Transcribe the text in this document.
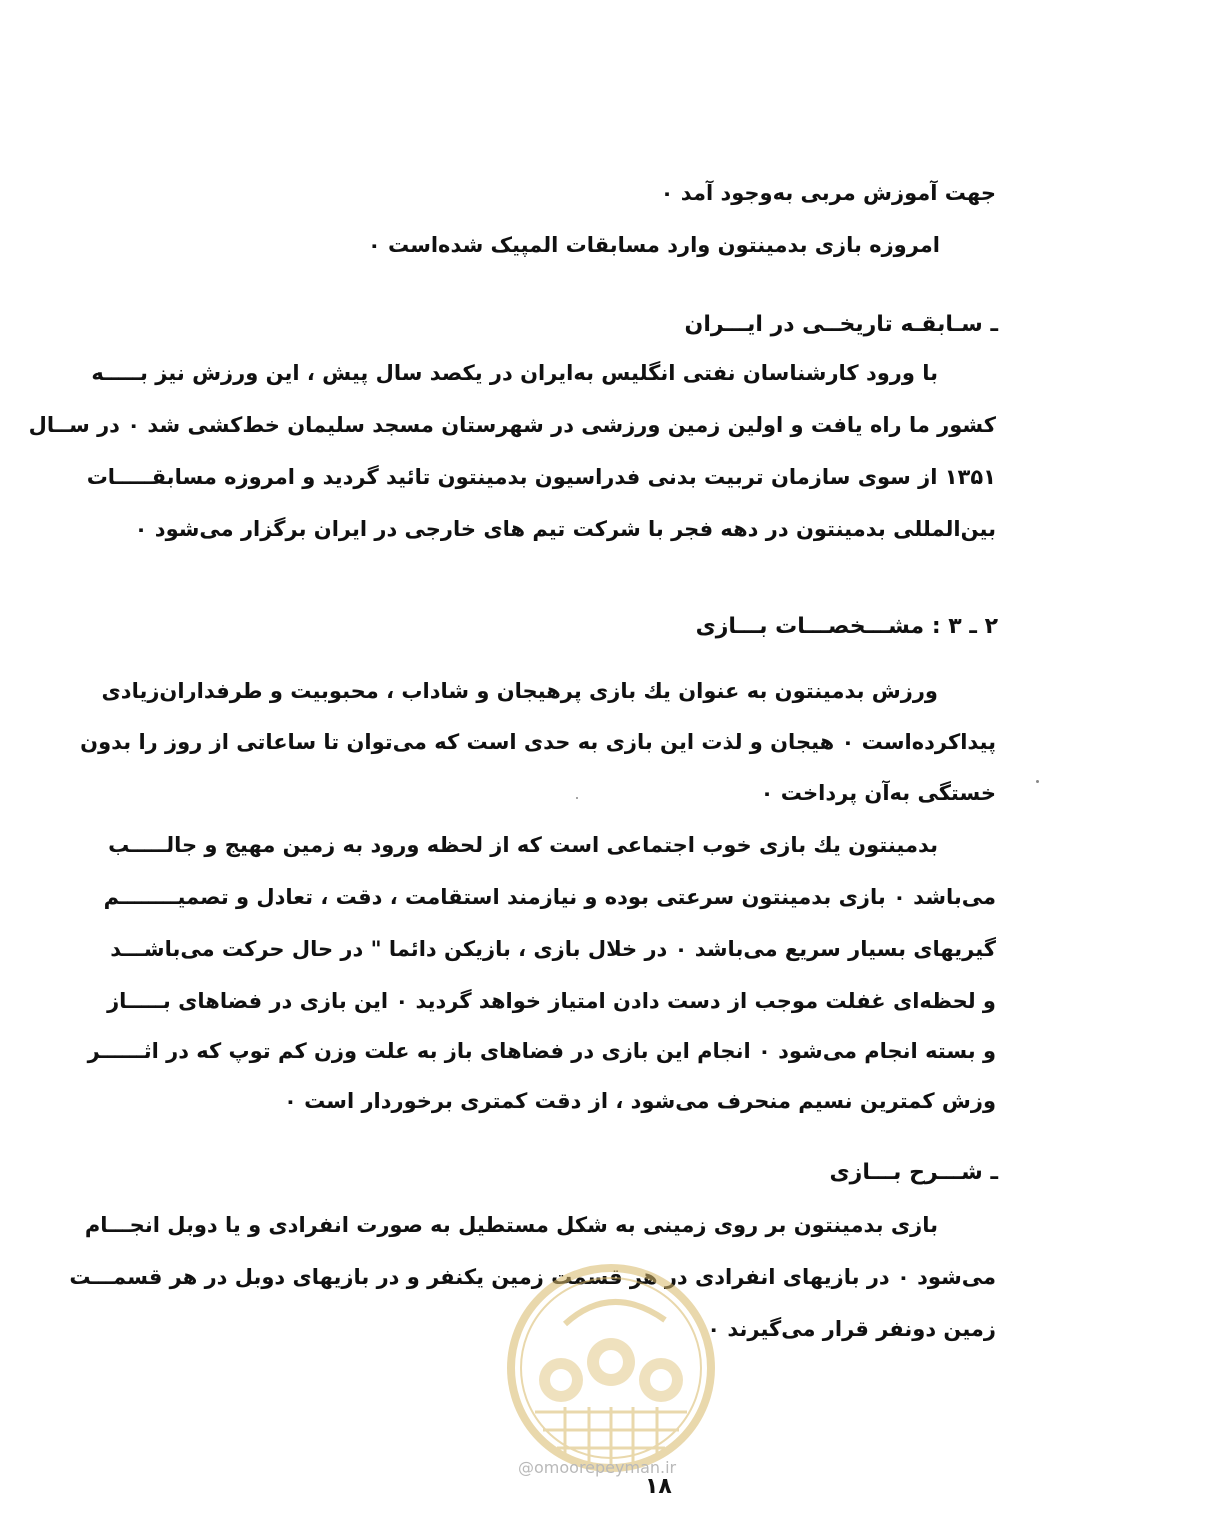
جهت آموزش مربی به‌وجود آمد ۰
امروزه بازی بدمینتون وارد مسابقات المپیک شده‌است ۰
ـ سـابقـه تاریخــی در ایـــران
با ورود کارشناسان نفتی انگلیس به‌ایران در یکصد سال پیش ، این ورزش نیز بـــــه
کشور ما راه یافت و اولین زمین ورزشی در شهرستان مسجد سلیمان خط‌کشی شد ۰ در ســال
۱۳۵۱ از سوی سازمان تربیت بدنی فدراسیون بدمینتون تائید گردید و امروزه مسابقـــــات
بین‌المللی بدمینتون در دهه فجر با شرکت تیم های خارجی در ایران برگزار می‌شود ۰
۲ ـ ۳ : مشـــخصـــات بـــازی
ورزش بدمینتون به عنوان یك بازی پرهیجان و شاداب ، محبوبیت و طرفداران‌زیادی
پیداکرده‌است ۰ هیجان و لذت این بازی به حدی است که می‌توان تا ساعاتی از روز را بدون
خستگی به‌آن پرداخت ۰
بدمینتون یك بازی خوب اجتماعی است که از لحظه ورود به زمین مهیج و جالـــــب
می‌باشد ۰ بازی بدمینتون سرعتی بوده و نیازمند استقامت ، دقت ، تعادل و تصمیــــــــم
گیریهای بسیار سریع می‌باشد ۰ در خلال بازی ، بازیکن دائما " در حال حرکت می‌باشـــد
و لحظه‌ای غفلت موجب از دست دادن امتیاز خواهد گردید ۰ این بازی در فضاهای بـــــاز
و بسته انجام می‌شود ۰ انجام این بازی در فضاهای باز به علت وزن کم توپ که در اثــــــر
وزش کمترین نسیم منحرف می‌شود ، از دقت کمتری برخوردار است ۰
ـ شـــرح بـــازی
بازی بدمینتون بر روی زمینی به شکل مستطیل به صورت انفرادی و یا دوبل انجـــام
می‌شود ۰ در بازیهای انفرادی در هر قسمت زمین یکنفر و در بازیهای دوبل در هر قسمـــت
زمین دونفر قرار می‌گیرند ۰
@omoorepeyman.ir
۱۸
